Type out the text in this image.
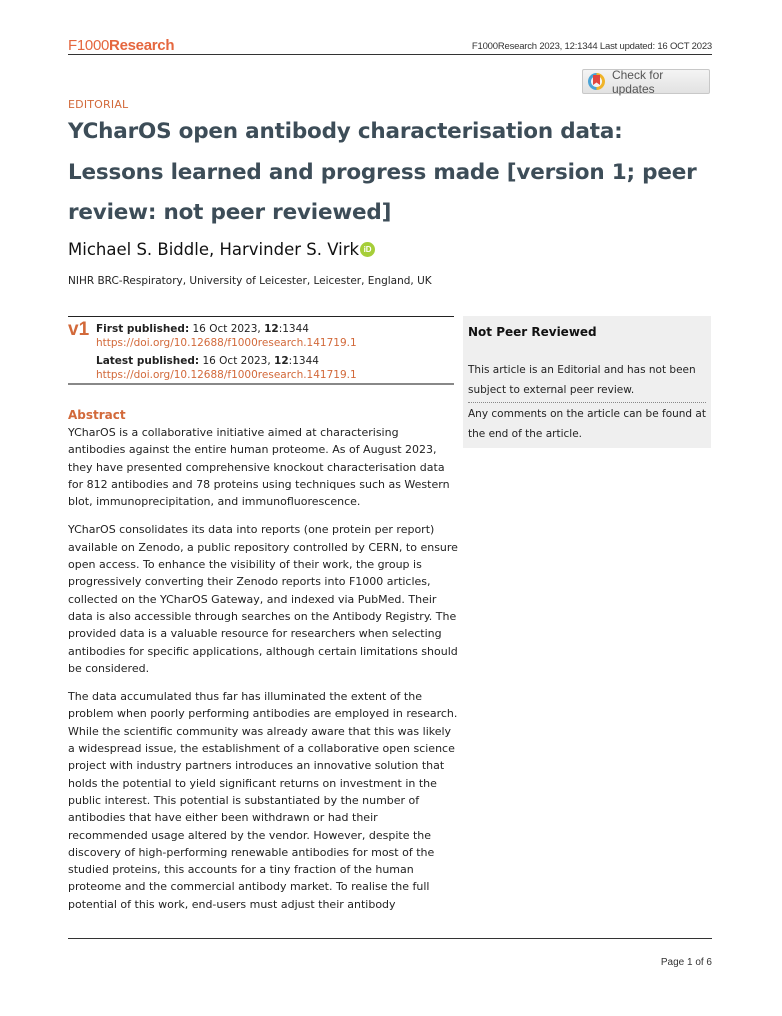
F1000Research	F1000Research 2023, 12:1344 Last updated: 16 OCT 2023
Check for updates
EDITORIAL
YCharOS open antibody characterisation data: Lessons learned and progress made [version 1; peer review: not peer reviewed]
Michael S. Biddle, Harvinder S. Virk iD
NIHR BRC-Respiratory, University of Leicester, Leicester, England, UK
v1 First published: 16 Oct 2023, 12:1344
https://doi.org/10.12688/f1000research.141719.1
Latest published: 16 Oct 2023, 12:1344
https://doi.org/10.12688/f1000research.141719.1
Not Peer Reviewed
This article is an Editorial and has not been subject to external peer review.
Any comments on the article can be found at the end of the article.
Abstract

YCharOS is a collaborative initiative aimed at characterising antibodies against the entire human proteome. As of August 2023, they have presented comprehensive knockout characterisation data for 812 antibodies and 78 proteins using techniques such as Western blot, immunoprecipitation, and immunofluorescence.

YCharOS consolidates its data into reports (one protein per report) available on Zenodo, a public repository controlled by CERN, to ensure open access. To enhance the visibility of their work, the group is progressively converting their Zenodo reports into F1000 articles, collected on the YCharOS Gateway, and indexed via PubMed. Their data is also accessible through searches on the Antibody Registry. The provided data is a valuable resource for researchers when selecting antibodies for specific applications, although certain limitations should be considered.

The data accumulated thus far has illuminated the extent of the problem when poorly performing antibodies are employed in research. While the scientific community was already aware that this was likely a widespread issue, the establishment of a collaborative open science project with industry partners introduces an innovative solution that holds the potential to yield significant returns on investment in the public interest. This potential is substantiated by the number of antibodies that have either been withdrawn or had their recommended usage altered by the vendor. However, despite the discovery of high-performing renewable antibodies for most of the studied proteins, this accounts for a tiny fraction of the human proteome and the commercial antibody market. To realise the full potential of this work, end-users must adjust their antibody

Page 1 of 6
